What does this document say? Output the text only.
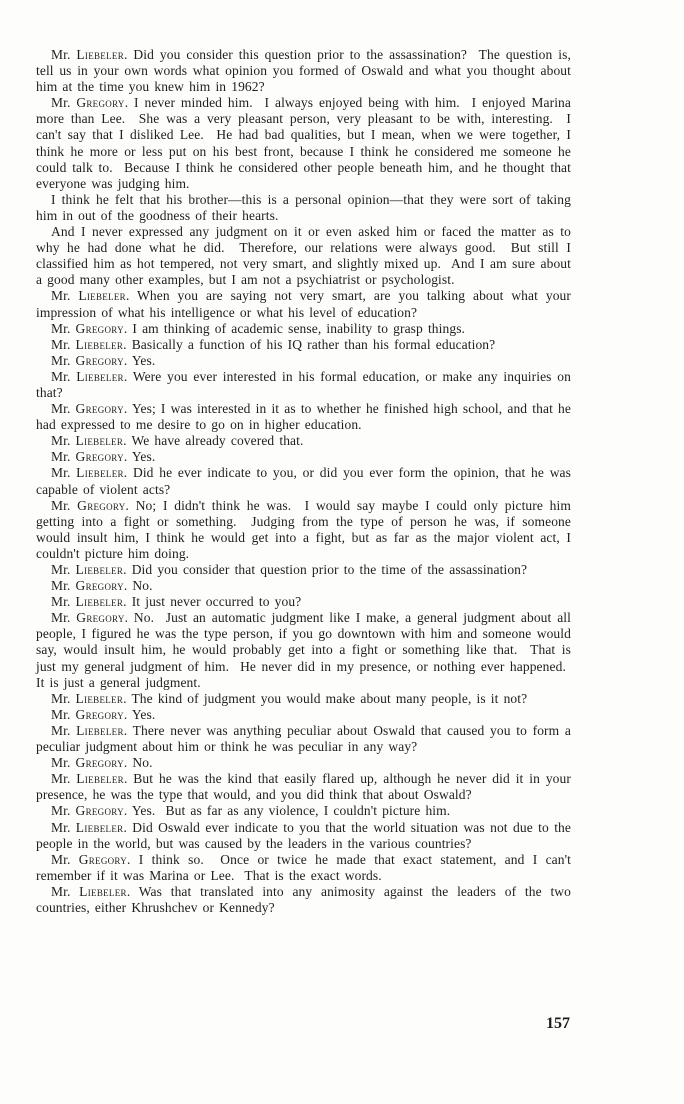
Mr. Liebeler. Did you consider this question prior to the assassination?  The question is, tell us in your own words what opinion you formed of Oswald and what you thought about him at the time you knew him in 1962?

Mr. Gregory. I never minded him.  I always enjoyed being with him.  I enjoyed Marina more than Lee.  She was a very pleasant person, very pleasant to be with, interesting.  I can't say that I disliked Lee.  He had bad qualities, but I mean, when we were together, I think he more or less put on his best front, because I think he considered me someone he could talk to.  Because I think he considered other people beneath him, and he thought that everyone was judging him.

I think he felt that his brother—this is a personal opinion—that they were sort of taking him in out of the goodness of their hearts.

And I never expressed any judgment on it or even asked him or faced the matter as to why he had done what he did.  Therefore, our relations were always good.  But still I classified him as hot tempered, not very smart, and slightly mixed up.  And I am sure about a good many other examples, but I am not a psychiatrist or psychologist.

Mr. Liebeler. When you are saying not very smart, are you talking about what your impression of what his intelligence or what his level of education?

Mr. Gregory. I am thinking of academic sense, inability to grasp things.

Mr. Liebeler. Basically a function of his IQ rather than his formal education?

Mr. Gregory. Yes.

Mr. Liebeler. Were you ever interested in his formal education, or make any inquiries on that?

Mr. Gregory. Yes; I was interested in it as to whether he finished high school, and that he had expressed to me desire to go on in higher education.

Mr. Liebeler. We have already covered that.

Mr. Gregory. Yes.

Mr. Liebeler. Did he ever indicate to you, or did you ever form the opinion, that he was capable of violent acts?

Mr. Gregory. No; I didn't think he was.  I would say maybe I could only picture him getting into a fight or something.  Judging from the type of person he was, if someone would insult him, I think he would get into a fight, but as far as the major violent act, I couldn't picture him doing.

Mr. Liebeler. Did you consider that question prior to the time of the assassination?

Mr. Gregory. No.

Mr. Liebeler. It just never occurred to you?

Mr. Gregory. No.  Just an automatic judgment like I make, a general judgment about all people, I figured he was the type person, if you go downtown with him and someone would say, would insult him, he would probably get into a fight or something like that.  That is just my general judgment of him.  He never did in my presence, or nothing ever happened.  It is just a general judgment.

Mr. Liebeler. The kind of judgment you would make about many people, is it not?

Mr. Gregory. Yes.

Mr. Liebeler. There never was anything peculiar about Oswald that caused you to form a peculiar judgment about him or think he was peculiar in any way?

Mr. Gregory. No.

Mr. Liebeler. But he was the kind that easily flared up, although he never did it in your presence, he was the type that would, and you did think that about Oswald?

Mr. Gregory. Yes.  But as far as any violence, I couldn't picture him.

Mr. Liebeler. Did Oswald ever indicate to you that the world situation was not due to the people in the world, but was caused by the leaders in the various countries?

Mr. Gregory. I think so.  Once or twice he made that exact statement, and I can't remember if it was Marina or Lee.  That is the exact words.

Mr. Liebeler. Was that translated into any animosity against the leaders of the two countries, either Khrushchev or Kennedy?

157
